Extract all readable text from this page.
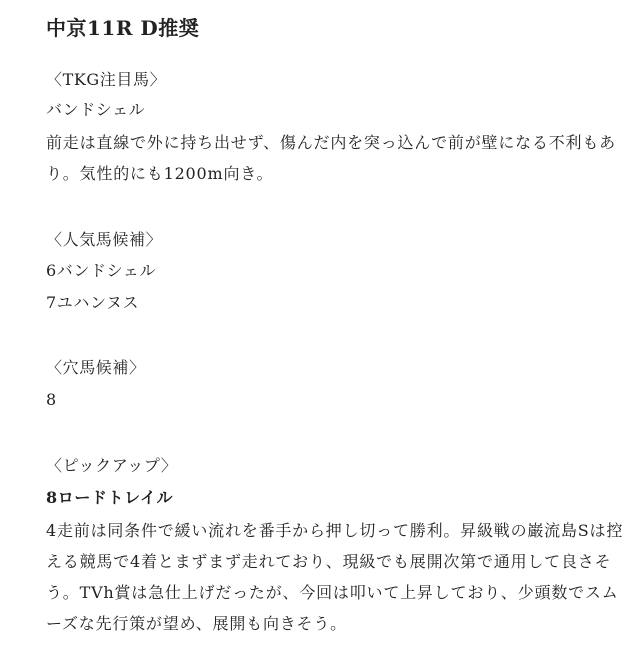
中京11R D推奨
〈TKG注目馬〉
バンドシェル
前走は直線で外に持ち出せず、傷んだ内を突っ込んで前が壁になる不利もあ
り。気性的にも1200m向き。
〈人気馬候補〉
6バンドシェル
7ユハンヌス
〈穴馬候補〉
8
〈ピックアップ〉
8ロードトレイル
4走前は同条件で緩い流れを番手から押し切って勝利。昇級戦の巌流島Sは控
える競馬で4着とまずまず走れており、現級でも展開次第で通用して良さそ
う。TVh賞は急仕上げだったが、今回は叩いて上昇しており、少頭数でスム
ーズな先行策が望め、展開も向きそう。
